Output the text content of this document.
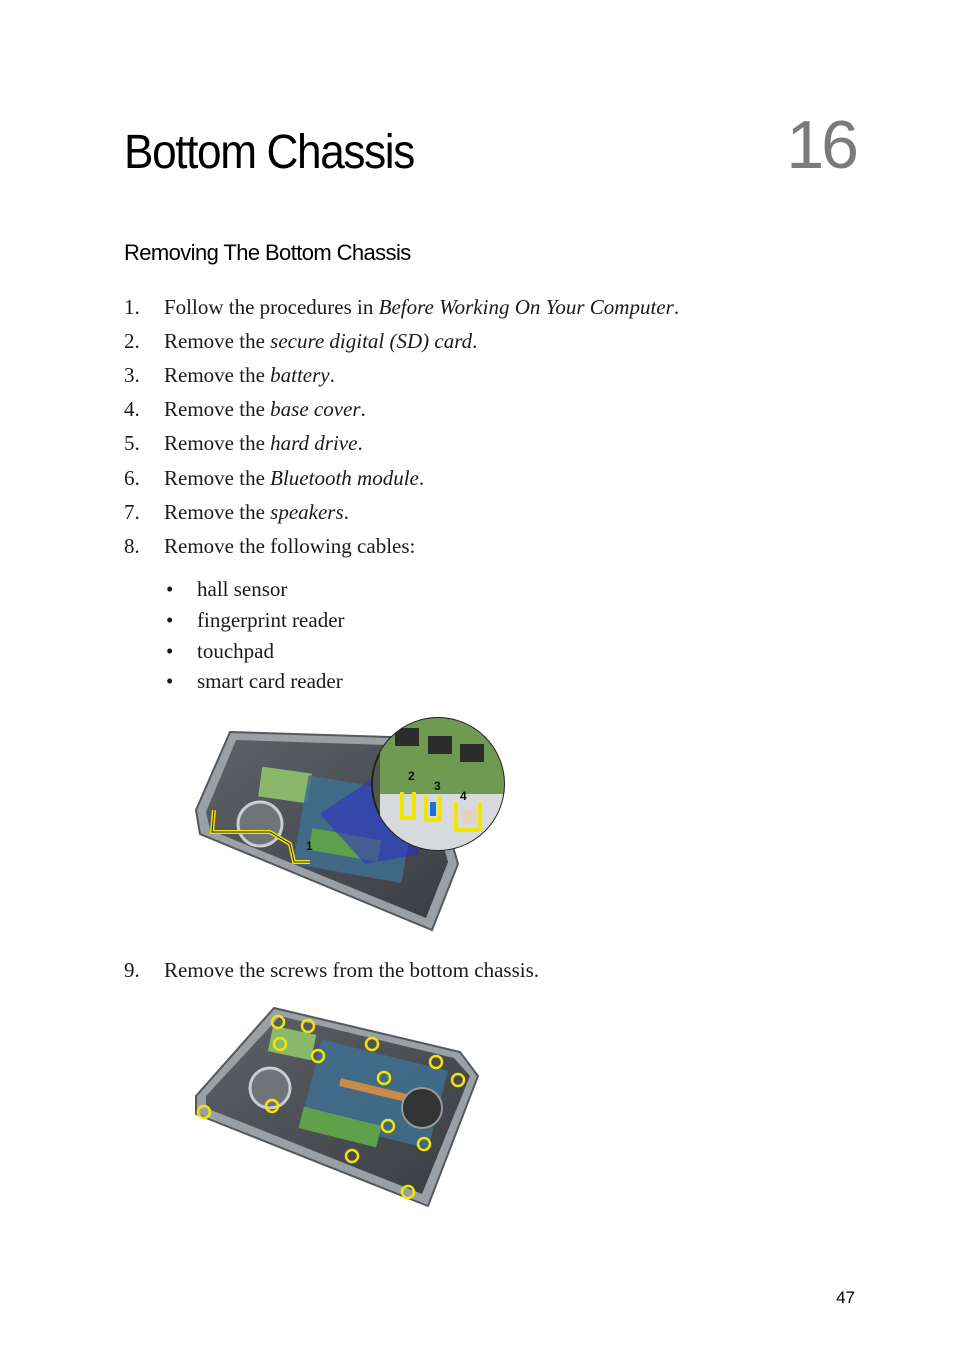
Bottom Chassis	16
Removing The Bottom Chassis
1. Follow the procedures in Before Working On Your Computer.
2. Remove the secure digital (SD) card.
3. Remove the battery.
4. Remove the base cover.
5. Remove the hard drive.
6. Remove the Bluetooth module.
7. Remove the speakers.
8. Remove the following cables:
• hall sensor
• fingerprint reader
• touchpad
• smart card reader
1
2
3
4
9. Remove the screws from the bottom chassis.
47
